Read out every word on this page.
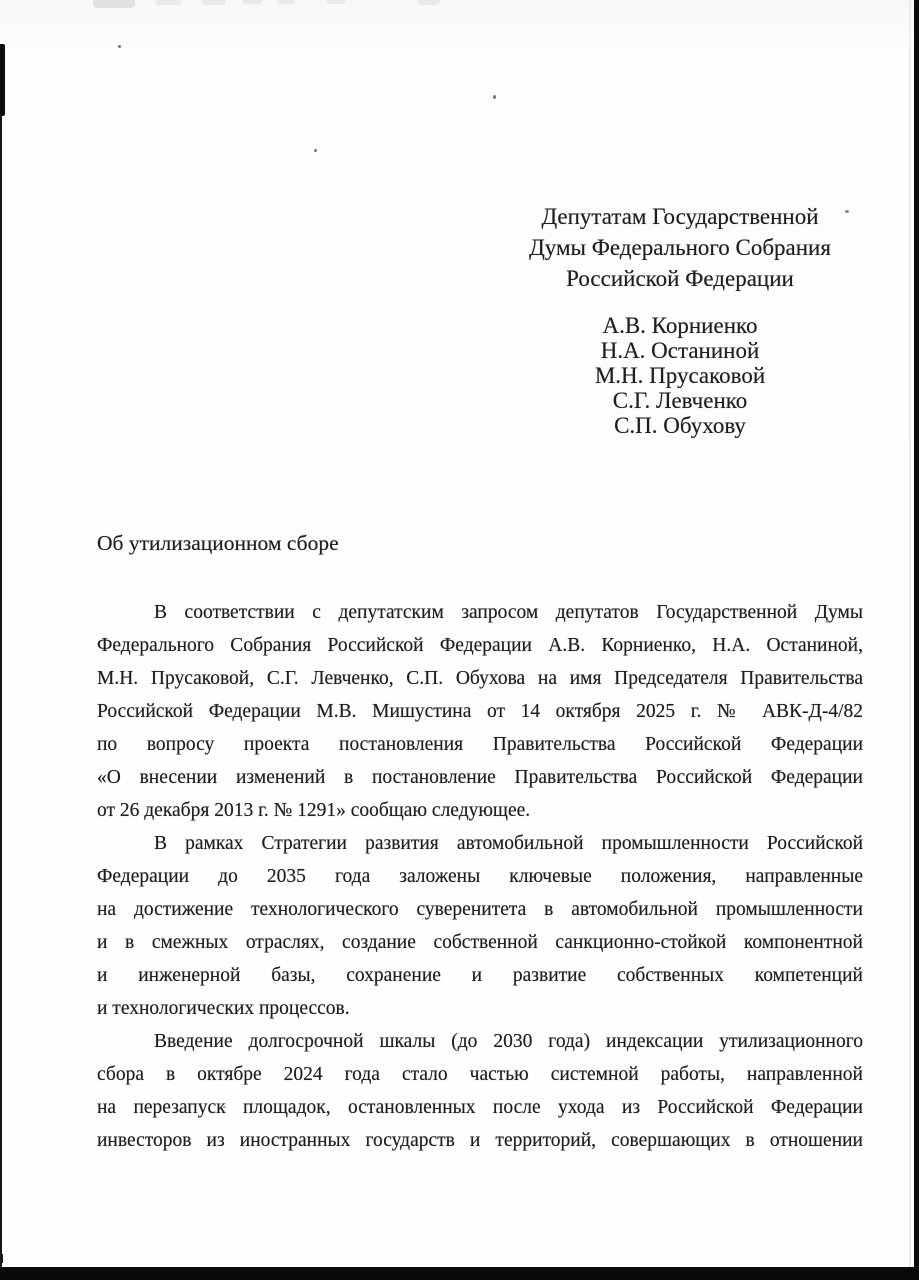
Депутатам Государственной
Думы Федерального Собрания
Российской Федерации
А.В. Корниенко
Н.А. Останиной
М.Н. Прусаковой
С.Г. Левченко
С.П. Обухову
Об утилизационном сборе
В соответствии с депутатским запросом депутатов Государственной Думы
Федерального Собрания Российской Федерации А.В. Корниенко, Н.А. Останиной,
М.Н. Прусаковой, С.Г. Левченко, С.П. Обухова на имя Председателя Правительства
Российской Федерации М.В. Мишустина от 14 октября 2025 г. № АВК-Д-4/82
по вопросу проекта постановления Правительства Российской Федерации
«О внесении изменений в постановление Правительства Российской Федерации
от 26 декабря 2013 г. № 1291» сообщаю следующее.
В рамках Стратегии развития автомобильной промышленности Российской
Федерации до 2035 года заложены ключевые положения, направленные
на достижение технологического суверенитета в автомобильной промышленности
и в смежных отраслях, создание собственной санкционно-стойкой компонентной
и инженерной базы, сохранение и развитие собственных компетенций
и технологических процессов.
Введение долгосрочной шкалы (до 2030 года) индексации утилизационного
сбора в октябре 2024 года стало частью системной работы, направленной
на перезапуск площадок, остановленных после ухода из Российской Федерации
инвесторов из иностранных государств и территорий, совершающих в отношении
